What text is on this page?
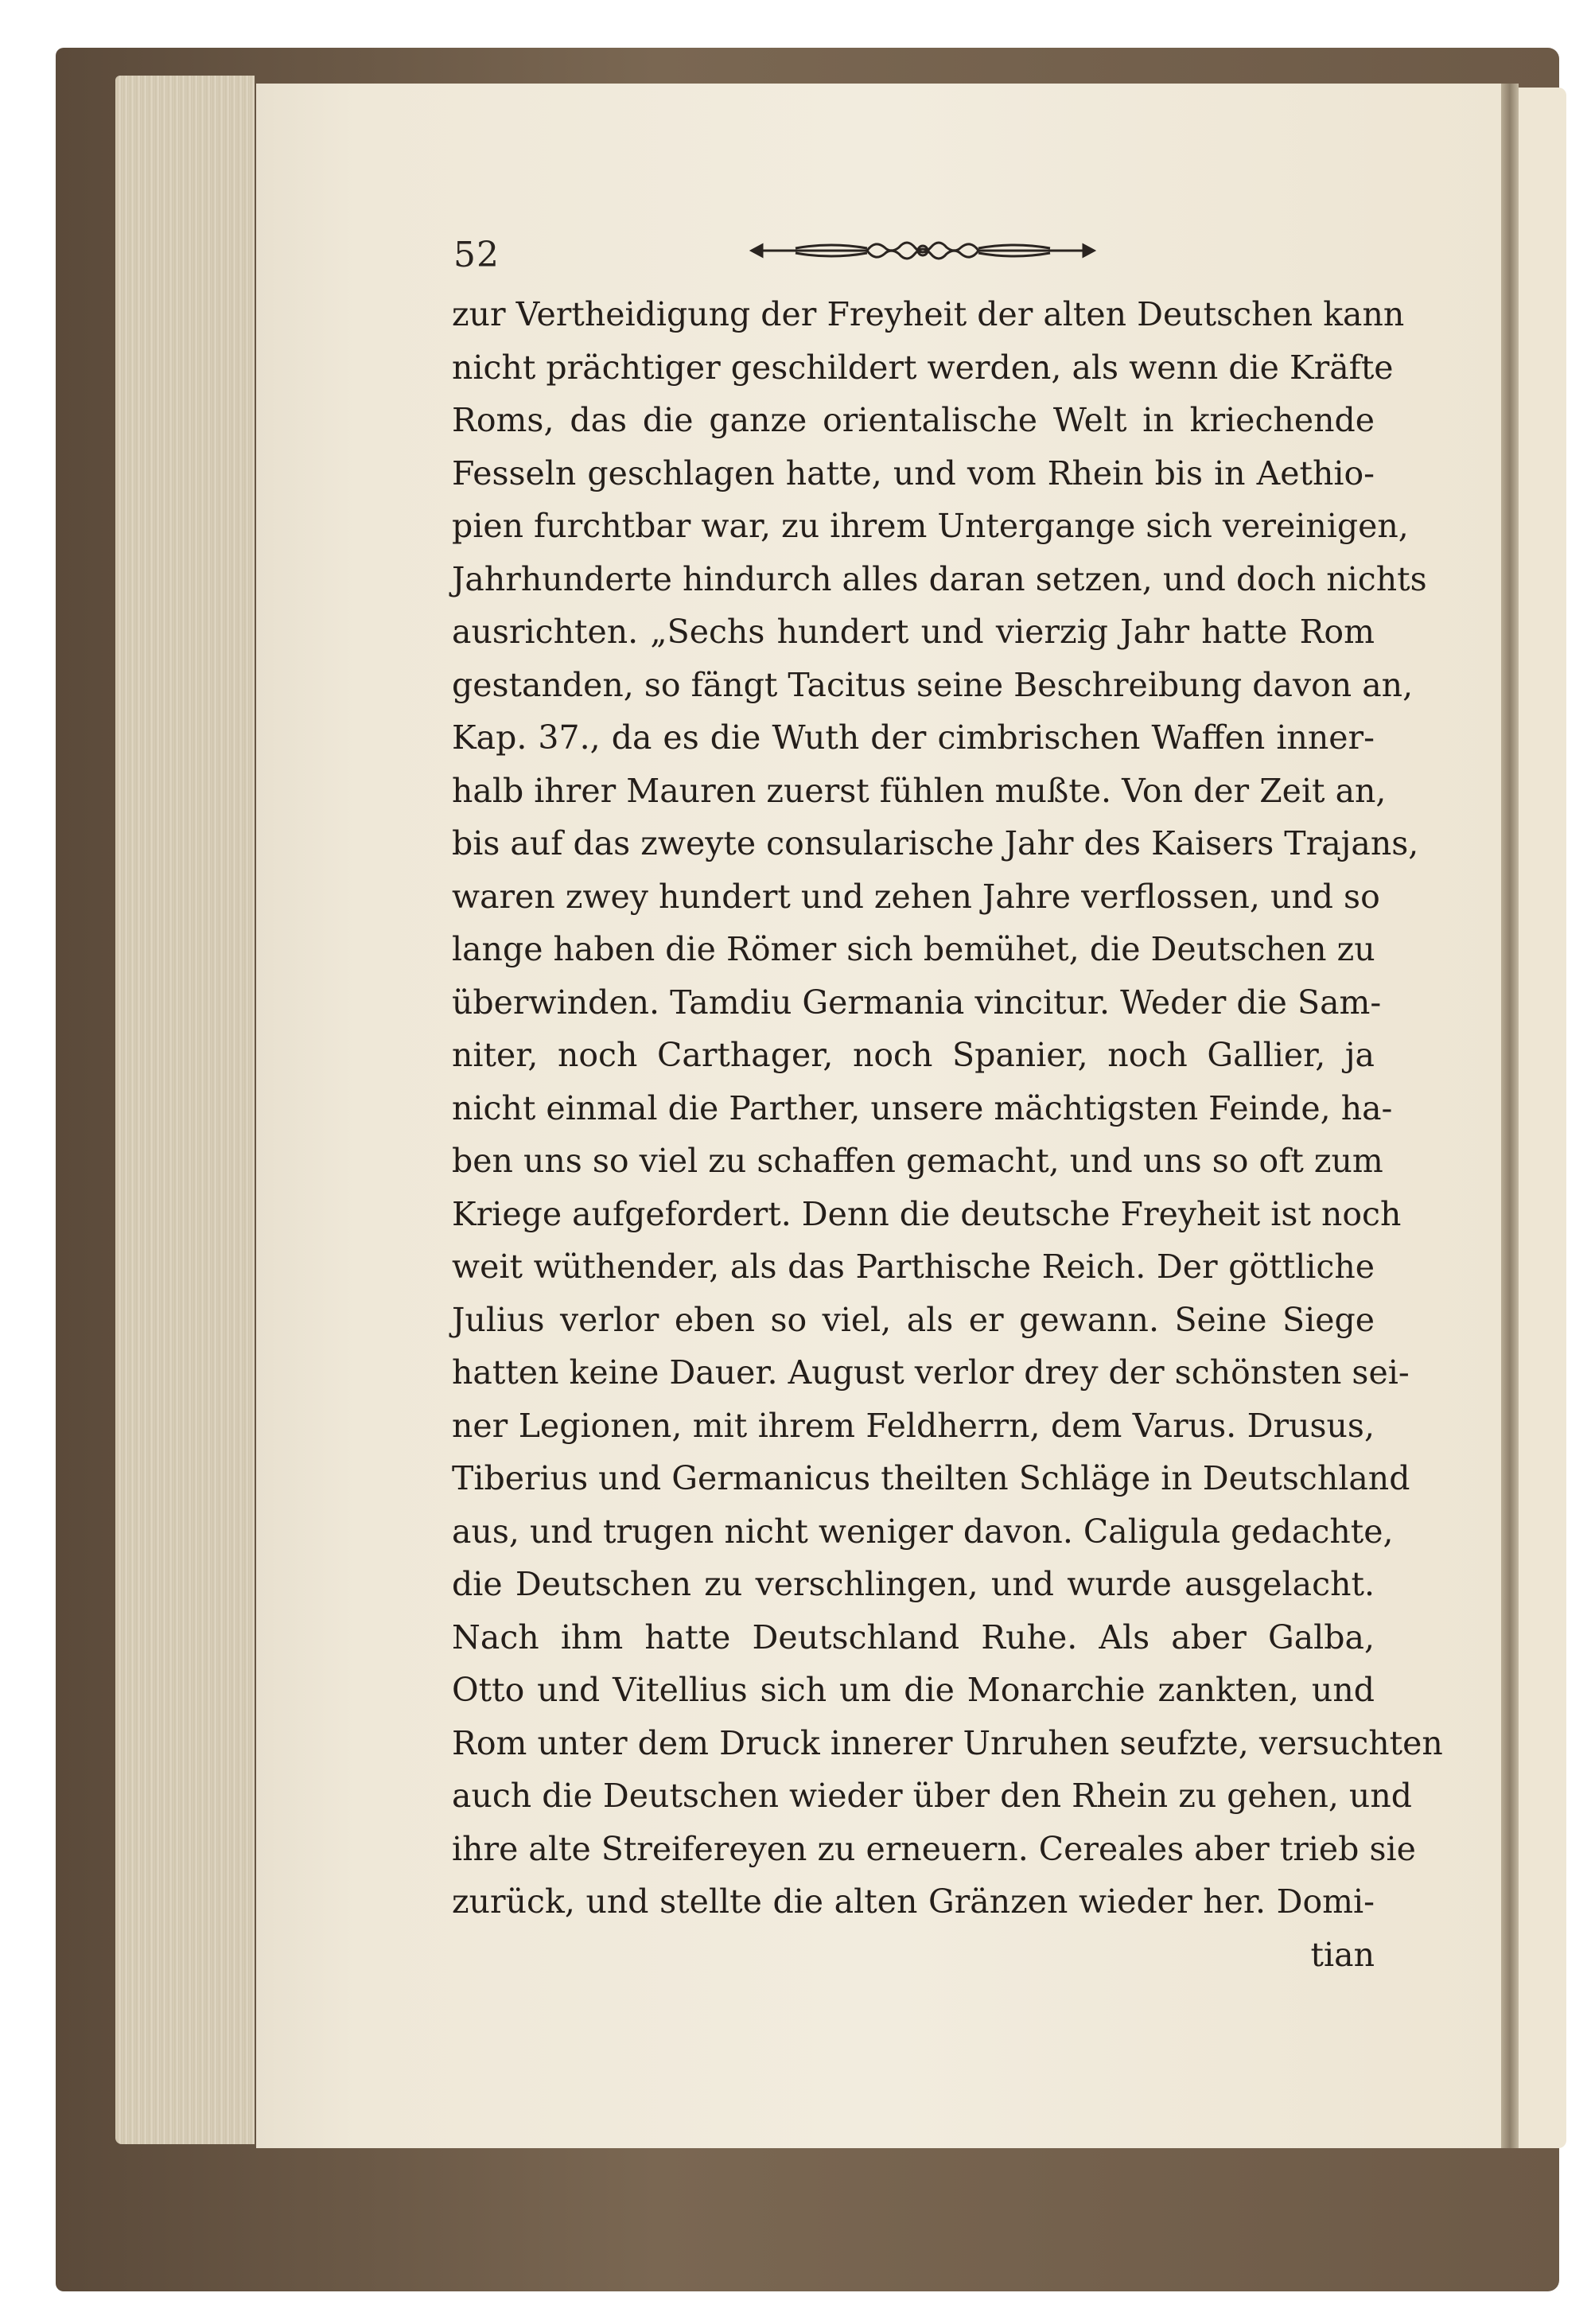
52
zur Vertheidigung der Freyheit der alten Deutschen kann
nicht prächtiger geschildert werden, als wenn die Kräfte
Roms, das die ganze orientalische Welt in kriechende
Fesseln geschlagen hatte, und vom Rhein bis in Aethio-
pien furchtbar war, zu ihrem Untergange sich vereinigen,
Jahrhunderte hindurch alles daran setzen, und doch nichts
ausrichten. „Sechs hundert und vierzig Jahr hatte Rom
gestanden, so fängt Tacitus seine Beschreibung davon an,
Kap. 37., da es die Wuth der cimbrischen Waffen inner-
halb ihrer Mauren zuerst fühlen mußte. Von der Zeit an,
bis auf das zweyte consularische Jahr des Kaisers Trajans,
waren zwey hundert und zehen Jahre verflossen, und so
lange haben die Römer sich bemühet, die Deutschen zu
überwinden. Tamdiu Germania vincitur. Weder die Sam-
niter, noch Carthager, noch Spanier, noch Gallier, ja
nicht einmal die Parther, unsere mächtigsten Feinde, ha-
ben uns so viel zu schaffen gemacht, und uns so oft zum
Kriege aufgefordert. Denn die deutsche Freyheit ist noch
weit wüthender, als das Parthische Reich. Der göttliche
Julius verlor eben so viel, als er gewann. Seine Siege
hatten keine Dauer. August verlor drey der schönsten sei-
ner Legionen, mit ihrem Feldherrn, dem Varus. Drusus,
Tiberius und Germanicus theilten Schläge in Deutschland
aus, und trugen nicht weniger davon. Caligula gedachte,
die Deutschen zu verschlingen, und wurde ausgelacht.
Nach ihm hatte Deutschland Ruhe. Als aber Galba,
Otto und Vitellius sich um die Monarchie zankten, und
Rom unter dem Druck innerer Unruhen seufzte, versuchten
auch die Deutschen wieder über den Rhein zu gehen, und
ihre alte Streifereyen zu erneuern. Cereales aber trieb sie
zurück, und stellte die alten Gränzen wieder her. Domi-
tian
